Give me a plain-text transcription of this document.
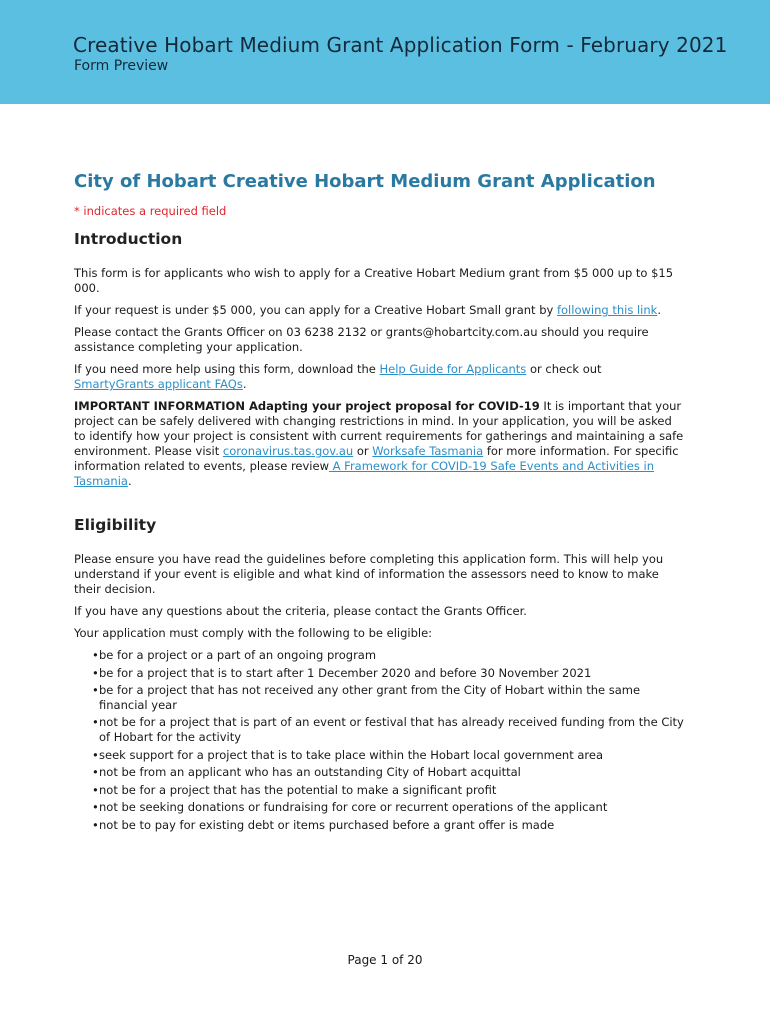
Creative Hobart Medium Grant Application Form - February 2021
Form Preview
City of Hobart Creative Hobart Medium Grant Application
* indicates a required field
Introduction

This form is for applicants who wish to apply for a Creative Hobart Medium grant from $5 000 up to $15 000.

If your request is under $5 000, you can apply for a Creative Hobart Small grant by following this link.

Please contact the Grants Officer on 03 6238 2132 or grants@hobartcity.com.au should you require assistance completing your application.

If you need more help using this form, download the Help Guide for Applicants or check out SmartyGrants applicant FAQs.

IMPORTANT INFORMATION Adapting your project proposal for COVID-19 It is important that your project can be safely delivered with changing restrictions in mind. In your application, you will be asked to identify how your project is consistent with current requirements for gatherings and maintaining a safe environment. Please visit coronavirus.tas.gov.au or Worksafe Tasmania for more information. For specific information related to events, please review A Framework for COVID-19 Safe Events and Activities in Tasmania.

Eligibility

Please ensure you have read the guidelines before completing this application form. This will help you understand if your event is eligible and what kind of information the assessors need to know to make their decision.

If you have any questions about the criteria, please contact the Grants Officer.

Your application must comply with the following to be eligible:

• be for a project or a part of an ongoing program
• be for a project that is to start after 1 December 2020 and before 30 November 2021
• be for a project that has not received any other grant from the City of Hobart within the same financial year
• not be for a project that is part of an event or festival that has already received funding from the City of Hobart for the activity
• seek support for a project that is to take place within the Hobart local government area
• not be from an applicant who has an outstanding City of Hobart acquittal
• not be for a project that has the potential to make a significant profit
• not be seeking donations or fundraising for core or recurrent operations of the applicant
• not be to pay for existing debt or items purchased before a grant offer is made
Page 1 of 20
